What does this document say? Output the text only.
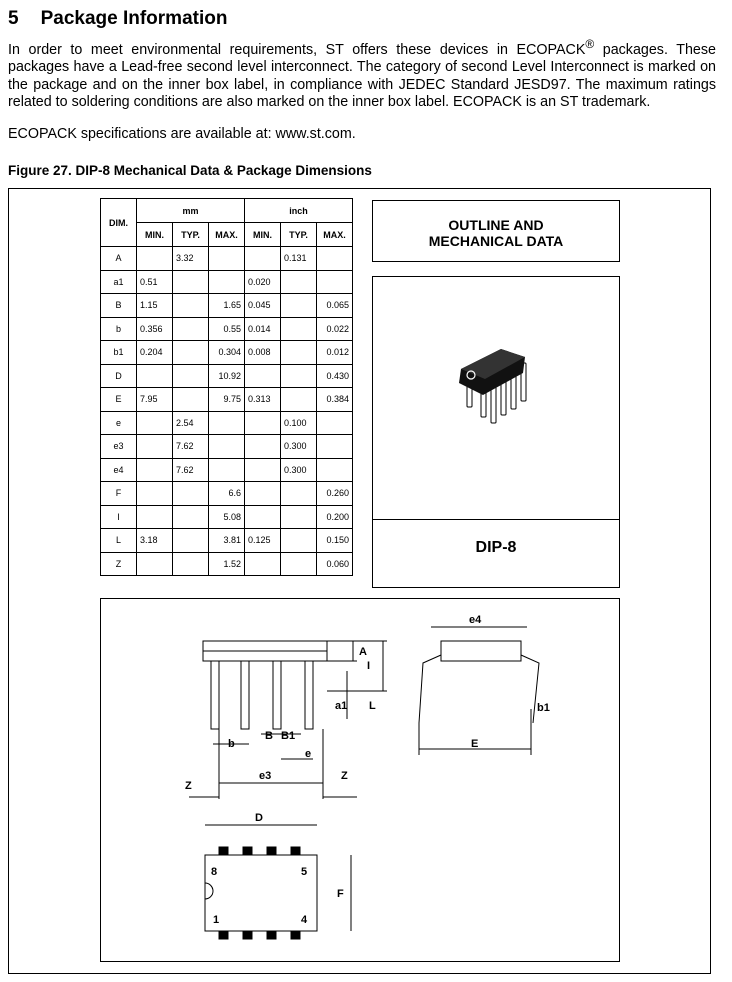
5 Package Information
In order to meet environmental requirements, ST offers these devices in ECOPACK® packages. These packages have a Lead-free second level interconnect. The category of second Level Interconnect is marked on the package and on the inner box label, in compliance with JEDEC Standard JESD97. The maximum ratings related to soldering conditions are also marked on the inner box label. ECOPACK is an ST trademark.
ECOPACK specifications are available at: www.st.com.
Figure 27. DIP-8 Mechanical Data & Package Dimensions
DIM.	mm			inch		
	MIN.	TYP.	MAX.	MIN.	TYP.	MAX.
A		3.32			0.131	
a1	0.51			0.020		
B	1.15		1.65	0.045		0.065
b	0.356		0.55	0.014		0.022
b1	0.204		0.304	0.008		0.012
D			10.92			0.430
E	7.95		9.75	0.313		0.384
e		2.54			0.100	
e3		7.62			0.300	
e4		7.62			0.300	
F			6.6			0.260
I			5.08			0.200
L	3.18		3.81	0.125		0.150
Z			1.52			0.060
OUTLINE AND
MECHANICAL DATA
DIP-8
A
I
a1 L
b
B B1
e
e3
Z
Z
e4
b1
E
D
F
8	5
1	4
